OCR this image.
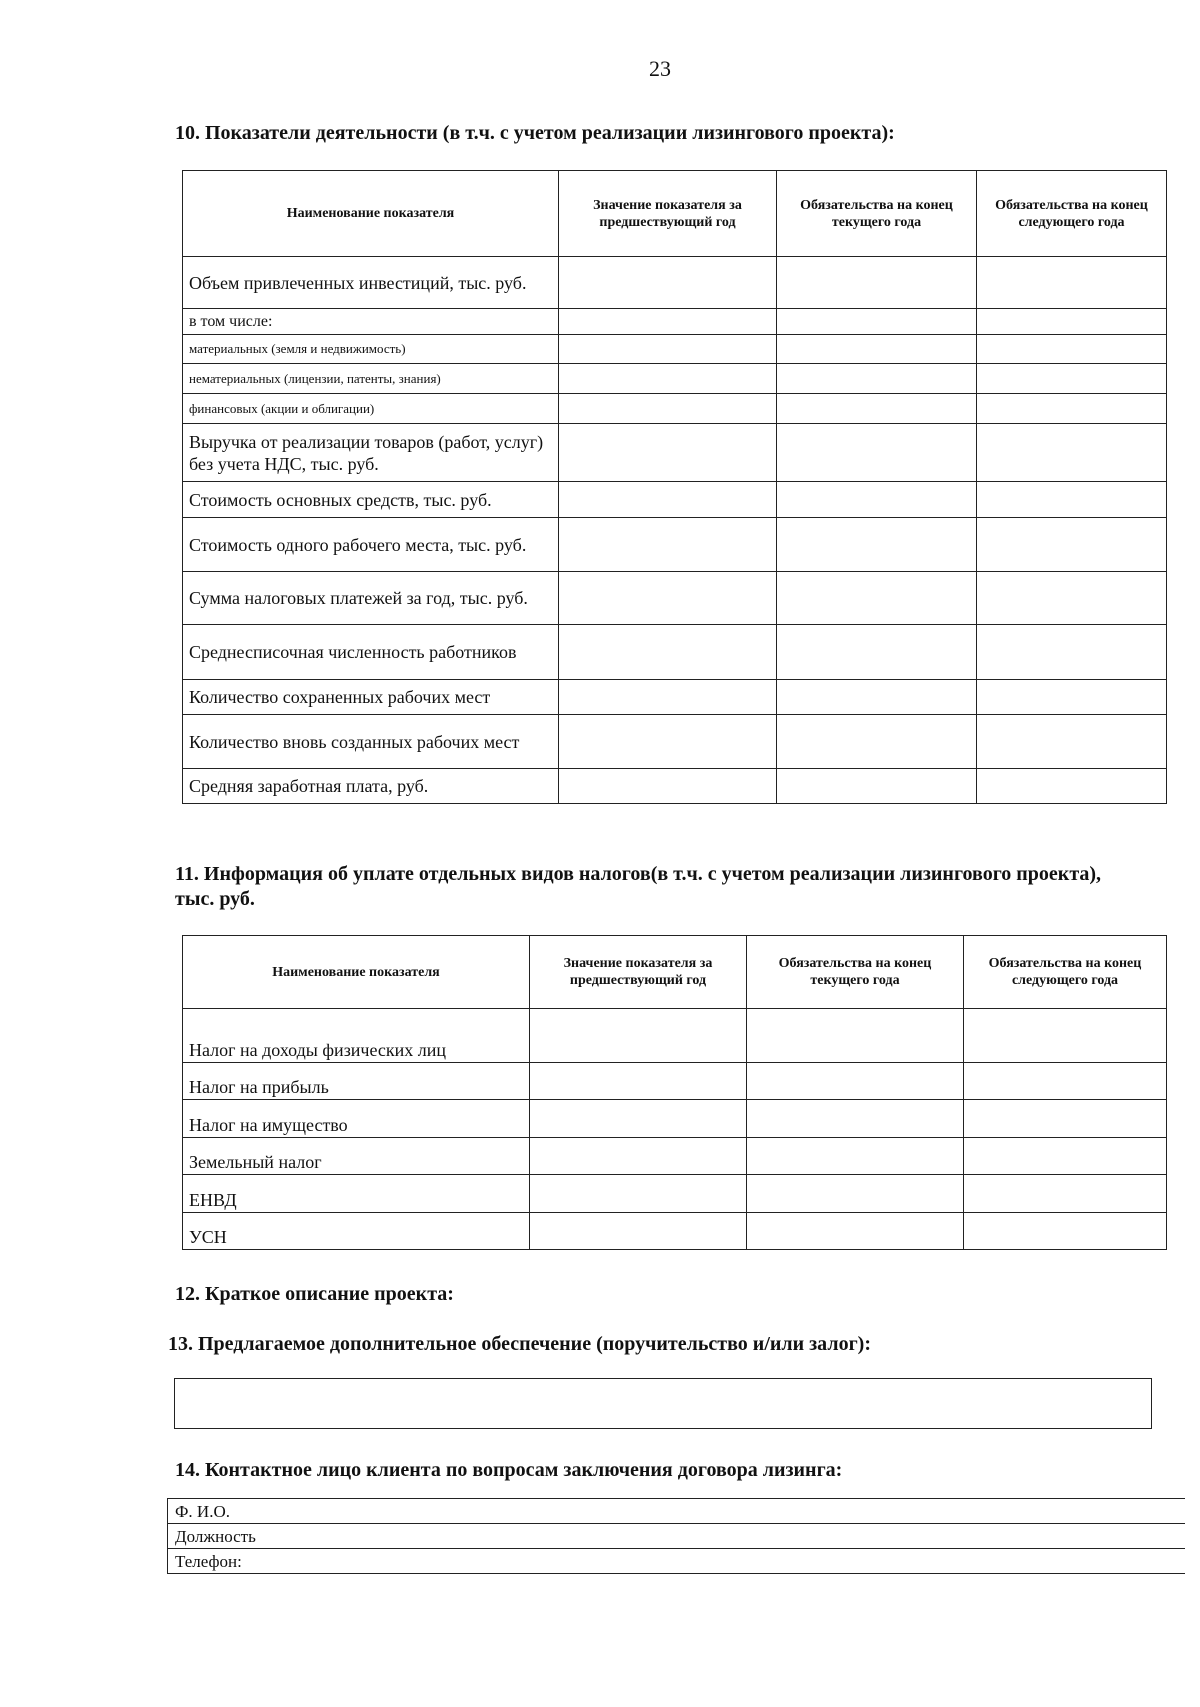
23
10. Показатели деятельности (в т.ч. с учетом реализации лизингового проекта):
Наименование показателя	Значение показателя за предшествующий год	Обязательства на конец текущего года	Обязательства на конец следующего года
Объем привлеченных инвестиций, тыс. руб.			
в том числе:			
материальных (земля и недвижимость)			
нематериальных (лицензии, патенты, знания)			
финансовых (акции и облигации)			
Выручка от реализации товаров (работ, услуг) без учета НДС, тыс. руб.			
Стоимость основных средств, тыс. руб.			
Стоимость одного рабочего места, тыс. руб.			
Сумма налоговых платежей за год, тыс. руб.			
Среднесписочная численность работников			
Количество сохраненных рабочих мест			
Количество вновь созданных рабочих мест			
Средняя заработная плата, руб.			
11. Информация об уплате отдельных видов налогов(в т.ч. с учетом реализации лизингового проекта), тыс. руб.
Наименование показателя	Значение показателя за предшествующий год	Обязательства на конец текущего года	Обязательства на конец следующего года
Налог на доходы физических лиц			
Налог на прибыль			
Налог на имущество			
Земельный налог			
ЕНВД			
УСН			
12. Краткое описание проекта:
13. Предлагаемое дополнительное обеспечение (поручительство и/или залог):
14. Контактное лицо клиента по вопросам заключения договора лизинга:
Ф. И.О.
Должность
Телефон:
